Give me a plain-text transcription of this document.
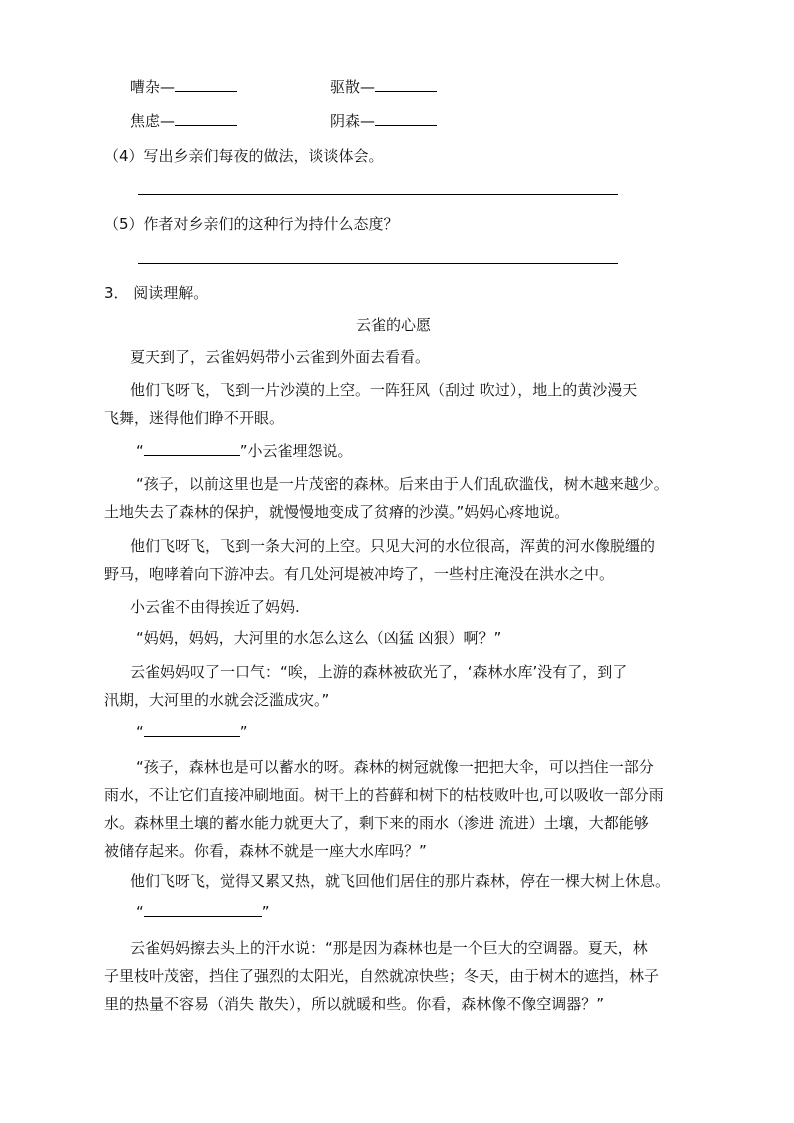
嘈杂—	驱散—
焦虑—	阴森—
（4）写出乡亲们每夜的做法，谈谈体会。
（5）作者对乡亲们的这种行为持什么态度？
3． 阅读理解。
云雀的心愿
夏天到了，云雀妈妈带小云雀到外面去看看。
他们飞呀飞，飞到一片沙漠的上空。一阵狂风（刮过 吹过），地上的黄沙漫天
飞舞，迷得他们睁不开眼。
“	”小云雀埋怨说。
“孩子，以前这里也是一片茂密的森林。后来由于人们乱砍滥伐，树木越来越少。
土地失去了森林的保护，就慢慢地变成了贫瘠的沙漠。”妈妈心疼地说。
他们飞呀飞，飞到一条大河的上空。只见大河的水位很高，浑黄的河水像脱缰的
野马，咆哮着向下游冲去。有几处河堤被冲垮了，一些村庄淹没在洪水之中。
小云雀不由得挨近了妈妈.
“妈妈，妈妈，大河里的水怎么这么（凶猛 凶狠）啊？”
云雀妈妈叹了一口气：“唉，上游的森林被砍光了，‘森林水库’没有了，到了
汛期，大河里的水就会泛滥成灾。”
“	”
“孩子，森林也是可以蓄水的呀。森林的树冠就像一把把大伞，可以挡住一部分
雨水，不让它们直接冲刷地面。树干上的苔藓和树下的枯枝败叶也,可以吸收一部分雨
水。森林里土壤的蓄水能力就更大了，剩下来的雨水（渗进 流进）土壤，大都能够
被储存起来。你看，森林不就是一座大水库吗？”
他们飞呀飞，觉得又累又热，就飞回他们居住的那片森林，停在一棵大树上休息。
“	”
云雀妈妈擦去头上的汗水说：“那是因为森林也是一个巨大的空调器。夏天，林
子里枝叶茂密，挡住了强烈的太阳光，自然就凉快些；冬天，由于树木的遮挡，林子
里的热量不容易（消失 散失），所以就暖和些。你看，森林像不像空调器？”
